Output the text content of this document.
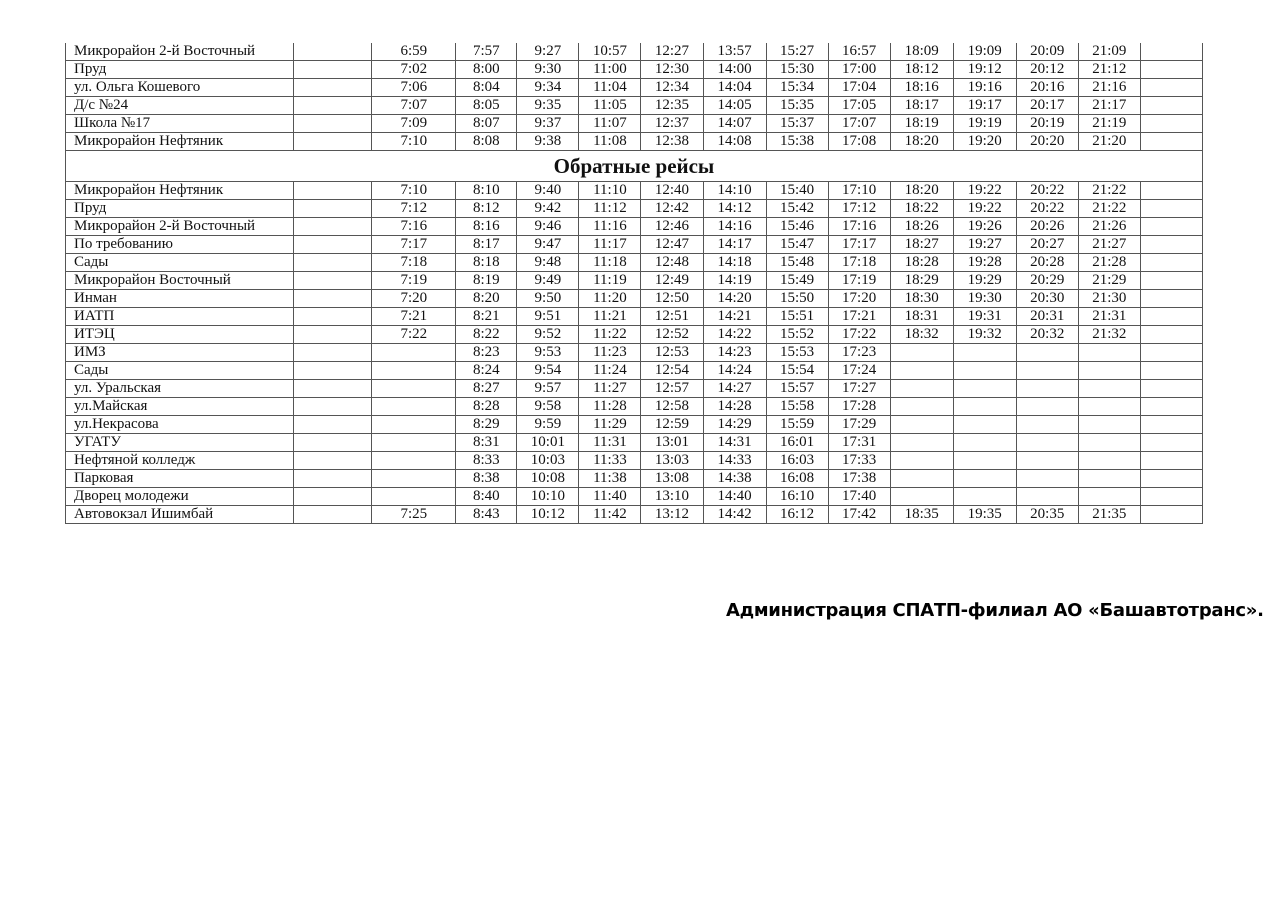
Микрорайон 2-й Восточный		6:59	7:57	9:27	10:57	12:27	13:57	15:27	16:57	18:09	19:09	20:09	21:09	
Пруд		7:02	8:00	9:30	11:00	12:30	14:00	15:30	17:00	18:12	19:12	20:12	21:12	
ул. Ольга Кошевого		7:06	8:04	9:34	11:04	12:34	14:04	15:34	17:04	18:16	19:16	20:16	21:16	
Д/с №24		7:07	8:05	9:35	11:05	12:35	14:05	15:35	17:05	18:17	19:17	20:17	21:17	
Школа №17		7:09	8:07	9:37	11:07	12:37	14:07	15:37	17:07	18:19	19:19	20:19	21:19	
Микрорайон Нефтяник		7:10	8:08	9:38	11:08	12:38	14:08	15:38	17:08	18:20	19:20	20:20	21:20	
Обратные рейсы														
Микрорайон Нефтяник		7:10	8:10	9:40	11:10	12:40	14:10	15:40	17:10	18:20	19:22	20:22	21:22	
Пруд		7:12	8:12	9:42	11:12	12:42	14:12	15:42	17:12	18:22	19:22	20:22	21:22	
Микрорайон 2-й Восточный		7:16	8:16	9:46	11:16	12:46	14:16	15:46	17:16	18:26	19:26	20:26	21:26	
По требованию		7:17	8:17	9:47	11:17	12:47	14:17	15:47	17:17	18:27	19:27	20:27	21:27	
Сады		7:18	8:18	9:48	11:18	12:48	14:18	15:48	17:18	18:28	19:28	20:28	21:28	
Микрорайон Восточный		7:19	8:19	9:49	11:19	12:49	14:19	15:49	17:19	18:29	19:29	20:29	21:29	
Инман		7:20	8:20	9:50	11:20	12:50	14:20	15:50	17:20	18:30	19:30	20:30	21:30	
ИАТП		7:21	8:21	9:51	11:21	12:51	14:21	15:51	17:21	18:31	19:31	20:31	21:31	
ИТЭЦ		7:22	8:22	9:52	11:22	12:52	14:22	15:52	17:22	18:32	19:32	20:32	21:32	
ИМЗ			8:23	9:53	11:23	12:53	14:23	15:53	17:23					
Сады			8:24	9:54	11:24	12:54	14:24	15:54	17:24					
ул. Уральская			8:27	9:57	11:27	12:57	14:27	15:57	17:27					
ул.Майская			8:28	9:58	11:28	12:58	14:28	15:58	17:28					
ул.Некрасова			8:29	9:59	11:29	12:59	14:29	15:59	17:29					
УГАТУ			8:31	10:01	11:31	13:01	14:31	16:01	17:31					
Нефтяной колледж			8:33	10:03	11:33	13:03	14:33	16:03	17:33					
Парковая			8:38	10:08	11:38	13:08	14:38	16:08	17:38					
Дворец молодежи			8:40	10:10	11:40	13:10	14:40	16:10	17:40					
Автовокзал Ишимбай		7:25	8:43	10:12	11:42	13:12	14:42	16:12	17:42	18:35	19:35	20:35	21:35	
Администрация СПАТП-филиал АО «Башавтотранс».
